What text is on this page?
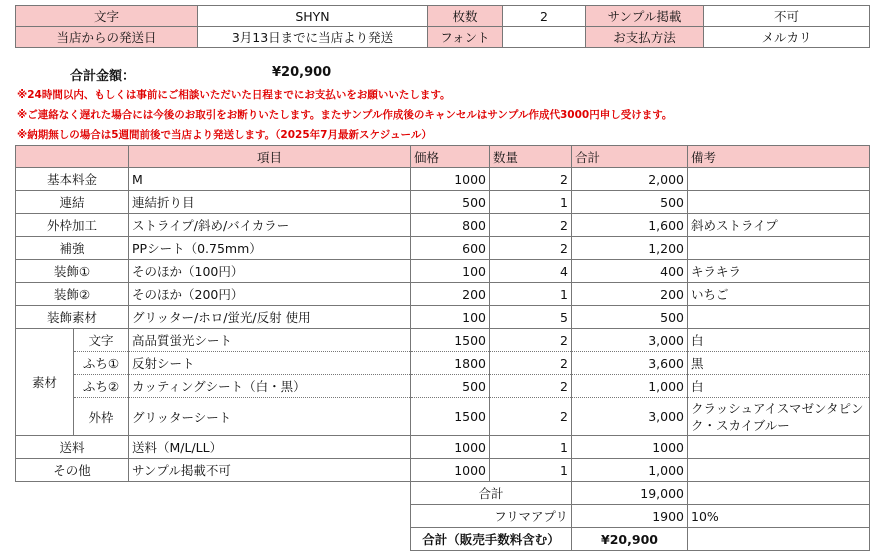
文字	SHYN	枚数	2	サンプル掲載	不可
当店からの発送日	3月13日までに当店より発送	フォント		お支払方法	メルカリ
合計金額：	¥20,900
※24時間以内、もしくは事前にご相談いただいた日程までにお支払いをお願いいたします。
※ご連絡なく遅れた場合には今後のお取引をお断りいたします。またサンプル作成後のキャンセルはサンプル作成代3000円申し受けます。
※納期無しの場合は5週間前後で当店より発送します。（2025年7月最新スケジュール）
		項目	価格	数量	合計	備考
基本料金		M	1000	2	2,000	
連結		連結折り目	500	1	500	
外枠加工		ストライプ/斜め/バイカラー	800	2	1,600	斜めストライプ
補強		PPシート（0.75mm）	600	2	1,200	
装飾①		そのほか（100円）	100	4	400	キラキラ
装飾②		そのほか（200円）	200	1	200	いちご
装飾素材		グリッター/ホロ/蛍光/反射 使用	100	5	500	
素材	文字	高品質蛍光シート	1500	2	3,000	白
	ふち①	反射シート	1800	2	3,600	黒
	ふち②	カッティングシート（白・黒）	500	2	1,000	白
	外枠	グリッターシート	1500	2	3,000	クラッシュアイスマゼンタピンク・スカイブルー
送料		送料（M/L/LL）	1000	1	1000	
その他		サンプル掲載不可	1000	1	1,000	
			合計		19,000	
			フリマアプリ		1900	10%
			合計（販売手数料含む）		¥20,900	
